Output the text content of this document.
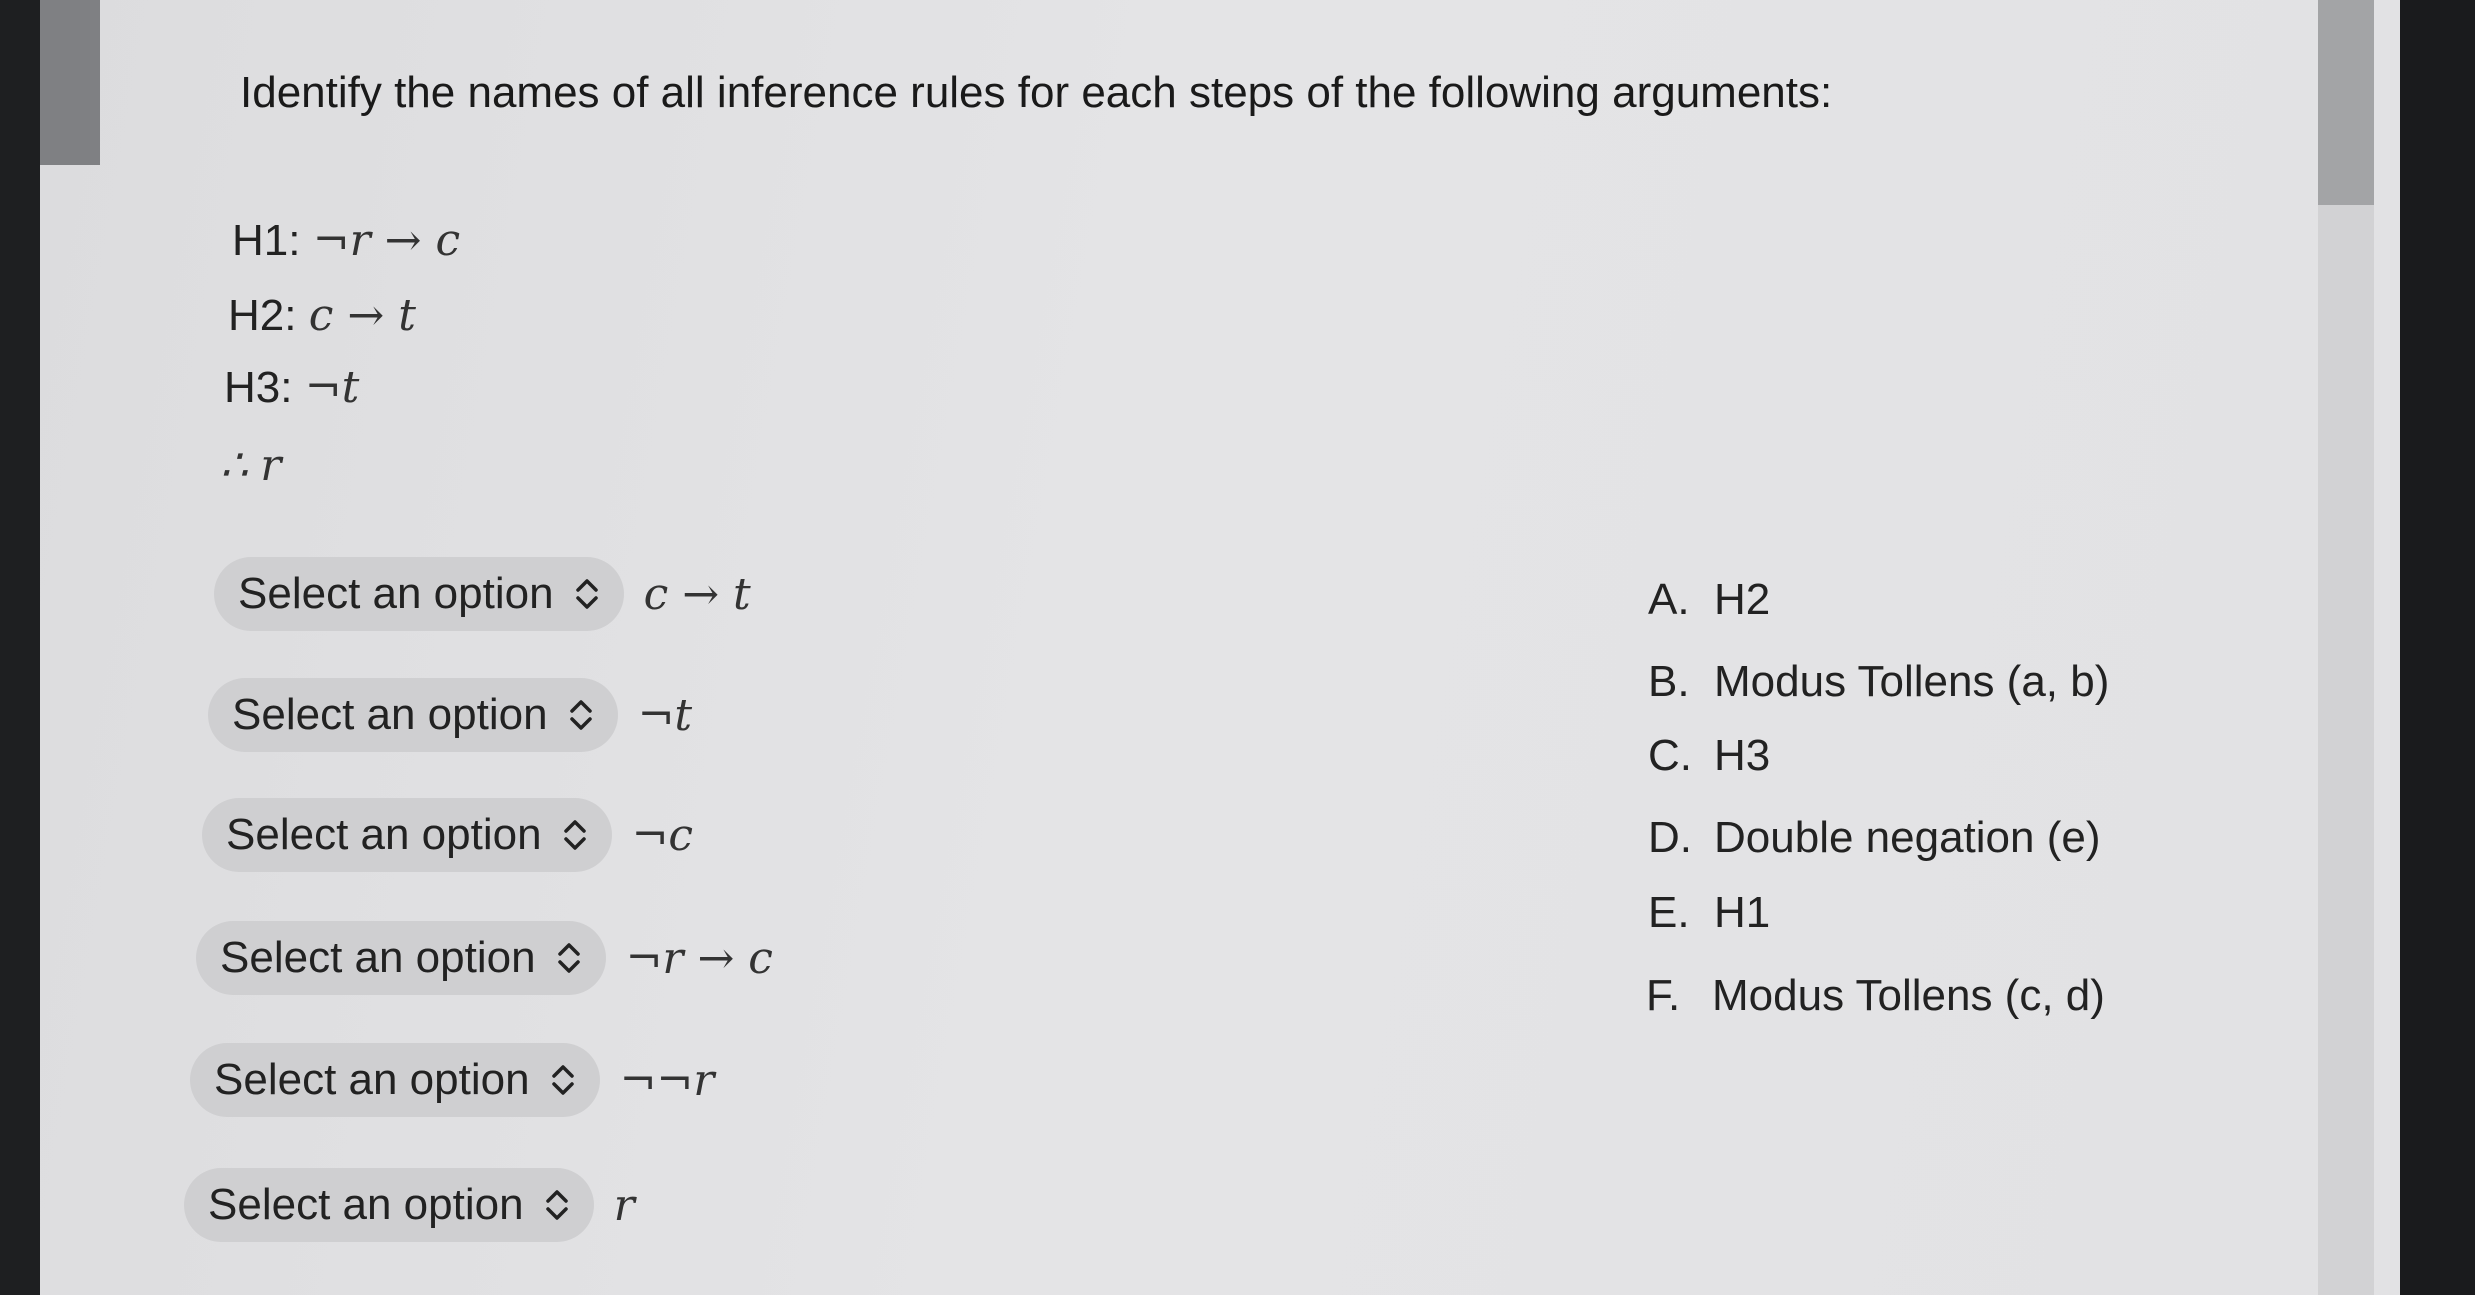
Identify the names of all inference rules for each steps of the following arguments:
H1: ¬r → c
H2: c → t
H3: ¬t
∴ r
Select an option c → t
Select an option ¬t
Select an option ¬c
Select an option ¬r → c
Select an option ¬¬r
Select an option r
A. H2
B. Modus Tollens (a, b)
C. H3
D. Double negation (e)
E. H1
F. Modus Tollens (c, d)
